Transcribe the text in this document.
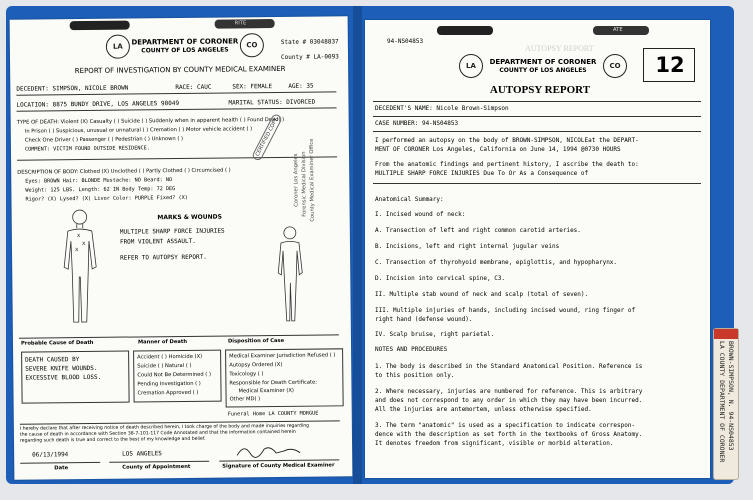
RITE
LA	CO
DEPARTMENT OF CORONER
COUNTY OF LOS ANGELES
State # 03048837
County # LA-0093
REPORT OF INVESTIGATION BY COUNTY MEDICAL EXAMINER
DECEDENT: SIMPSON, NICOLE BROWN	RACE: CAUC	SEX: FEMALE	AGE: 35
LOCATION: 8875 BUNDY DRIVE, LOS ANGELES 90049	MARITAL STATUS: DIVORCED
TYPE OF DEATH: Violent (X) Casualty ( ) Suicide ( ) Suddenly when in apparent health ( ) Found Dead( )
In Prison ( ) Suspicious, unusual or unnatural ( ) Cremation ( ) Motor vehicle accident ( )
Check One Driver ( ) Passenger ( ) Pedestrian ( ) Unknown ( )
COMMENT: VICTIM FOUND OUTSIDE RESIDENCE.
DESCRIPTION OF BODY: Clothed (X) Unclothed ( ) Partly Clothed ( ) Circumcised ( )
Eyes: BROWN Hair: BLONDE Mustache: NO Beard: NO
Weight: 125 LBS. Length: 62 IN Body Temp: 72 DEG
Rigor? (X) Lysed? (X) Livor Color: PURPLE Fixed? (X)
CERTIFIED COPY
Coroner Los Angeles Forensic Medical Division County Medical Examiner Office
x
x
x
MARKS & WOUNDS
MULTIPLE SHARP FORCE INJURIES
FROM VIOLENT ASSAULT.
REFER TO AUTOPSY REPORT.
Probable Cause of Death	Manner of Death	Disposition of Case
DEATH CAUSED BY
SEVERE KNIFE WOUNDS.
EXCESSIVE BLOOD LOSS.
Accident ( ) Homicide (X)
Suicide ( ) Natural ( )
Could Not Be Determined ( )
Pending Investigation ( )
Cremation Approved ( )
Medical Examiner Jurisdiction Refused ( )
Autopsy Ordered (X)
Toxicology ( )
Responsible for Death Certificate:
Medical Examiner (X)
Other MD( )
Funeral Home LA COUNTY MORGUE
I hereby declare that after receiving notice of death described herein, I took charge of the body and made inquiries regarding
the cause of death in accordance with Section 38-7-101-117 Code Annotated and that the information contained herein
regarding such death is true and correct to the best of my knowledge and belief.
06/13/1994	LOS ANGELES
Date	County of Appointment	Signature of County Medical Examiner
ATE
94-NS04853
AUTOPSY REPORT
LA	CO
DEPARTMENT OF CORONER
COUNTY OF LOS ANGELES	12
AUTOPSY REPORT
DECEDENT'S NAME: Nicole Brown-Simpson
CASE NUMBER: 94-NS04853
I performed an autopsy on the body of BROWN-SIMPSON, NICOLEat the DEPART-
MENT OF CORONER Los Angeles, California on June 14, 1994 @0730 HOURS
From the anatomic findings and pertinent history, I ascribe the death to:
MULTIPLE SHARP FORCE INJURIES Due To Or As a Consequence of
Anatomical Summary:
I. Incised wound of neck:
A. Transection of left and right common carotid arteries.
B. Incisions, left and right internal jugular veins
C. Transection of thyrohyoid membrane, epiglottis, and hypopharynx.
D. Incision into cervical spine, C3.
II. Multiple stab wound of neck and scalp (total of seven).
III. Multiple injuries of hands, including incised wound, ring finger of
right hand (defense wound).
IV. Scalp bruise, right parietal.
NOTES AND PROCEDURES
1. The body is described in the Standard Anatomical Position. Reference is
to this position only.
2. Where necessary, injuries are numbered for reference. This is arbitrary
and does not correspond to any order in which they may have been incurred.
All the injuries are antemortem, unless otherwise specified.
3. The term "anatomic" is used as a specification to indicate correspon-
dence with the description as set forth in the textbooks of Gross Anatomy.
It denotes freedom from significant, visible or morbid alteration.	BROWN-SIMPSON, N. 94-NS04853
LA COUNTY DEPARTMENT OF CORONER
